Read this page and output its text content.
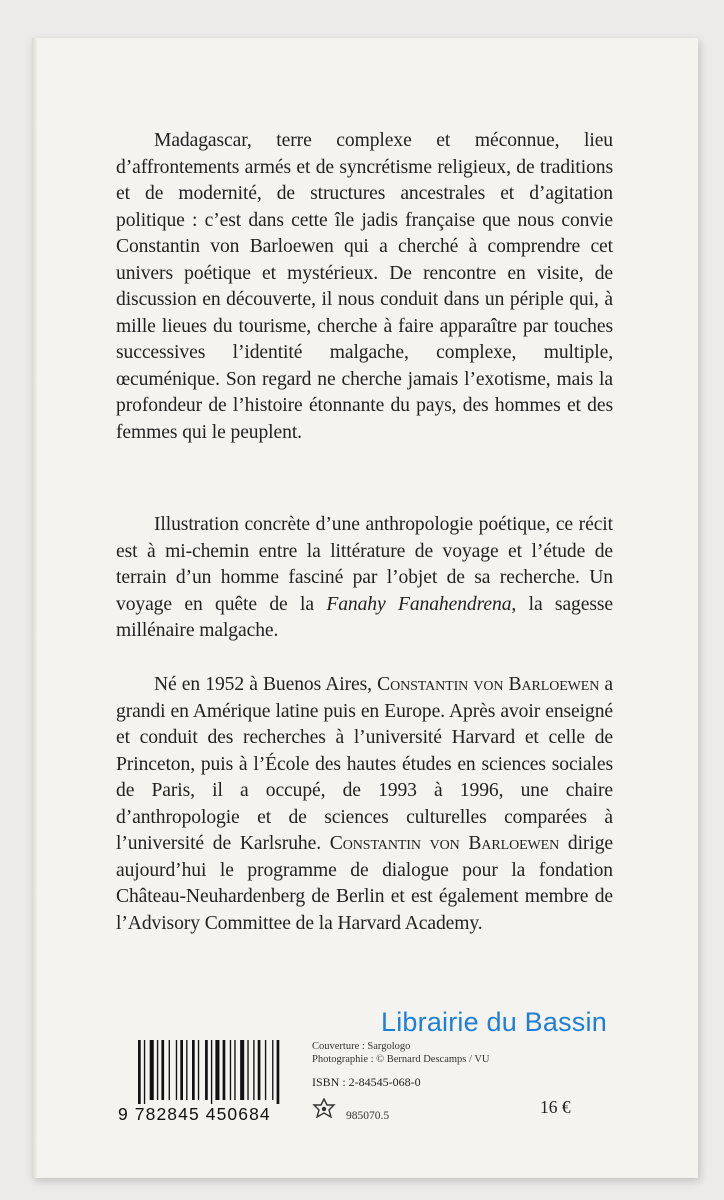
Madagascar, terre complexe et méconnue, lieu d’affrontements armés et de syncrétisme religieux, de traditions et de modernité, de structures ancestrales et d’agitation politique : c’est dans cette île jadis française que nous convie Constantin von Barloewen qui a cherché à comprendre cet univers poétique et mystérieux. De rencontre en visite, de discussion en découverte, il nous conduit dans un périple qui, à mille lieues du tourisme, cherche à faire apparaître par touches successives l’identité malgache, complexe, multiple, œcuménique. Son regard ne cherche jamais l’exotisme, mais la profondeur de l’histoire étonnante du pays, des hommes et des femmes qui le peuplent.

Illustration concrète d’une anthropologie poétique, ce récit est à mi-chemin entre la littérature de voyage et l’étude de terrain d’un homme fasciné par l’objet de sa recherche. Un voyage en quête de la Fanahy Fanahendrena, la sagesse millénaire malgache.

Né en 1952 à Buenos Aires, Constantin von Barloewen a grandi en Amérique latine puis en Europe. Après avoir enseigné et conduit des recherches à l’université Harvard et celle de Princeton, puis à l’École des hautes études en sciences sociales de Paris, il a occupé, de 1993 à 1996, une chaire d’anthropologie et de sciences culturelles comparées à l’université de Karlsruhe. Constantin von Barloewen dirige aujourd’hui le programme de dialogue pour la fondation Château-Neuhardenberg de Berlin et est également membre de l’Advisory Committee de la Harvard Academy.

Librairie du Bassin
9 782845 450684
Couverture : Sargologo
Photographie : © Bernard Descamps / VU
ISBN : 2-84545-068-0
985070.5	16 €
